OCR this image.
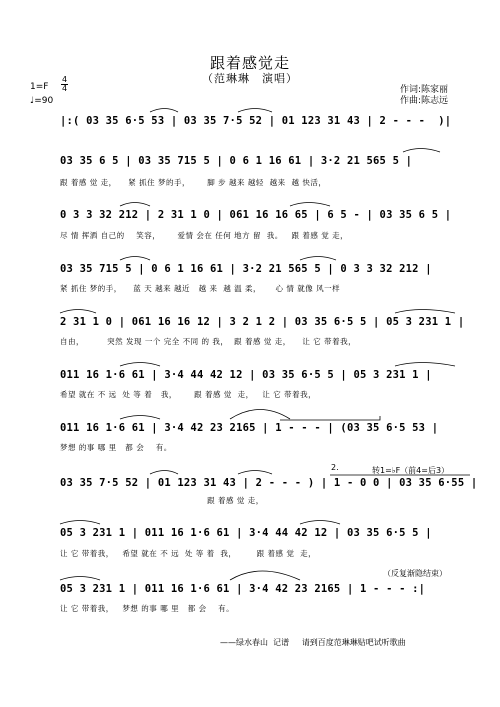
跟着感觉走
（范琳琳　演唱）
1=F
4
4
♩=90
作词:陈家丽
作曲:陈志远
|:( 03 35 6·5 53 | 03 35 7·5 52 | 01 123 31 43 | 2 - - -  )|
03 35 6 5 | 03 35 715 5 | 0 6 1 16 61 | 3·2 21 565 5 |
跟 着感 觉 走，    紧 抓住 梦的手，      脚 步 越来 越轻  越来  越 快活，
0 3 3 32 212 | 2 31 1 0 | 061 16 16 65 | 6 5 - | 03 35 6 5 |
尽 情 挥洒 自己的    笑容，      爱情 会在 任何 地方 留  我。   跟 着感 觉 走，
03 35 715 5 | 0 6 1 16 61 | 3·2 21 565 5 | 0 3 3 32 212 |
紧 抓住 梦的手，    蓝 天 越来 越近   越 来  越 温 柔，     心 情 就像 风一样
2 31 1 0 | 061 16 16 12 | 3 2 1 2 | 03 35 6·5 5 | 05 3 231 1 |
自由，        突然 发现 一个 完全 不同 的 我，  跟 着感 觉 走，    让 它 带着我，
011 16 1·6 61 | 3·4 44 42 12 | 03 35 6·5 5 | 05 3 231 1 |
希望 就在 不 远  处 等 着   我，      跟 着感 觉  走，   让 它 带着我，
011 16 1·6 61 | 3·4 42 23 2165 | 1 - - - | (03 35 6·5 53 |
梦想 的事 哪 里   都 会    有。
2.	转1=♭F（前4=后3）
03 35 7·5 52 | 01 123 31 43 | 2 - - - ) | 1 - 0 0 | 03 35 6·55 |
跟 着感 觉 走，
05 3 231 1 | 011 16 1·6 61 | 3·4 44 42 12 | 03 35 6·5 5 |
让 它 带着我，   希望 就在 不 远  处 等 着  我，       跟 着感 觉  走，
（反复渐隐结束）
05 3 231 1 | 011 16 1·6 61 | 3·4 42 23 2165 | 1 - - - :|
让 它 带着我，   梦想 的事 哪 里   都 会    有。
——绿水春山  记谱     请到百度范琳琳贴吧试听歌曲
